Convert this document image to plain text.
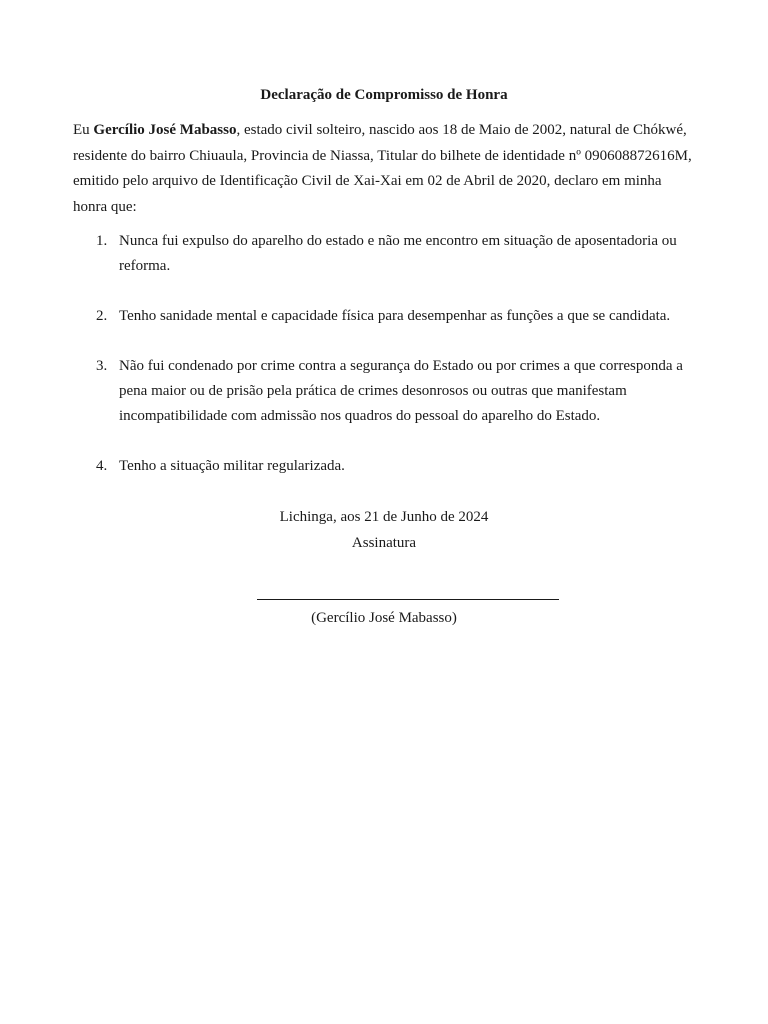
Declaração de Compromisso de Honra

Eu Gercílio José Mabasso, estado civil solteiro, nascido aos 18 de Maio de 2002, natural de Chókwé, residente do bairro Chiuaula, Provincia de Niassa, Titular do bilhete de identidade nº 090608872616M, emitido pelo arquivo de Identificação Civil de Xai-Xai em 02 de Abril de 2020, declaro em minha honra que:

1. Nunca fui expulso do aparelho do estado e não me encontro em situação de aposentadoria ou reforma.
2. Tenho sanidade mental e capacidade física para desempenhar as funções a que se candidata.
3. Não fui condenado por crime contra a segurança do Estado ou por crimes a que corresponda a pena maior ou de prisão pela prática de crimes desonrosos ou outras que manifestam incompatibilidade com admissão nos quadros do pessoal do aparelho do Estado.
4. Tenho a situação militar regularizada.
Lichinga, aos 21 de Junho de 2024
Assinatura
(Gercílio José Mabasso)
